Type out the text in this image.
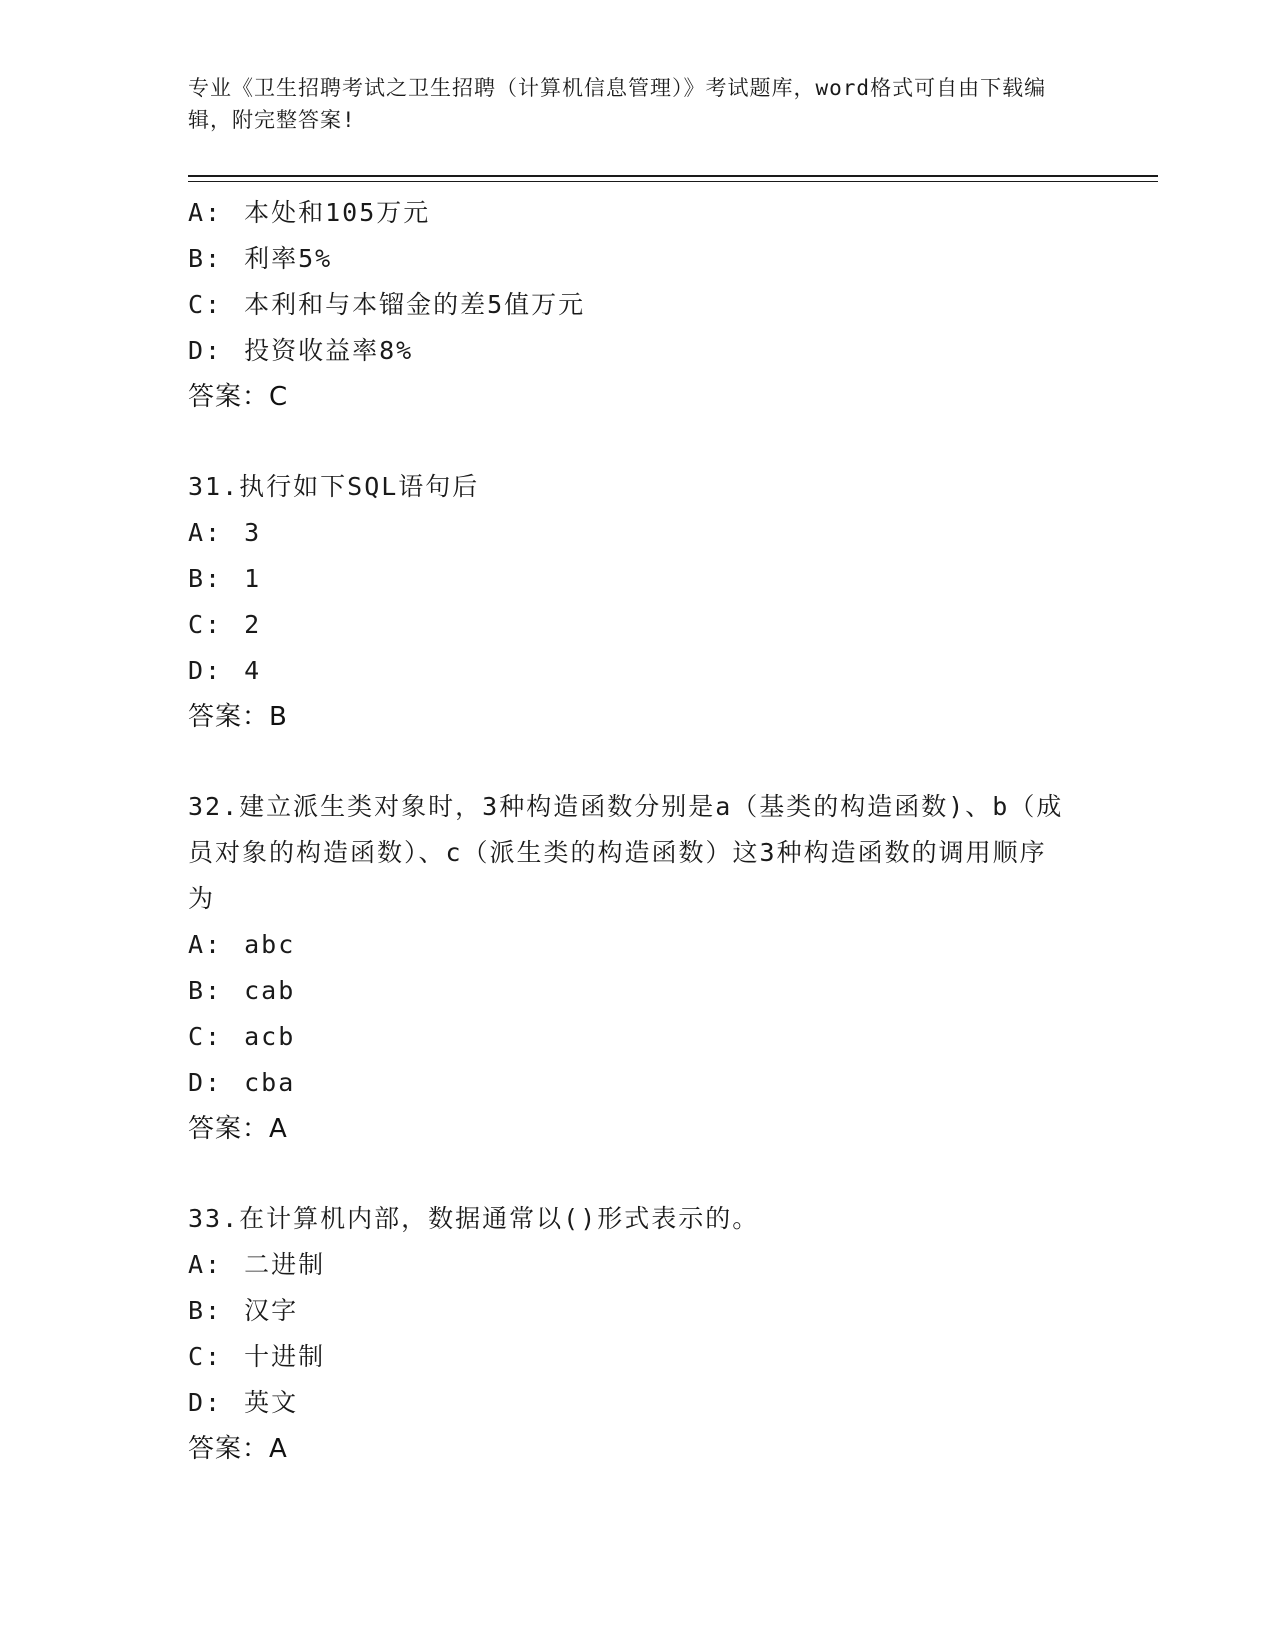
专业《卫生招聘考试之卫生招聘（计算机信息管理）》考试题库，word格式可自由下载编辑，附完整答案!
A: 本处和105万元
B: 利率5%
C: 本利和与本镏金的差5值万元
D: 投资收益率8%
答案：C
31.执行如下SQL语句后
A: 3
B: 1
C: 2
D: 4
答案：B
32.建立派生类对象时，3种构造函数分别是a（基类的构造函数)、b（成员对象的构造函数）、c（派生类的构造函数）这3种构造函数的调用顺序为
A: abc
B: cab
C: acb
D: cba
答案：A
33.在计算机内部，数据通常以()形式表示的。
A: 二进制
B: 汉字
C: 十进制
D: 英文
答案：A
